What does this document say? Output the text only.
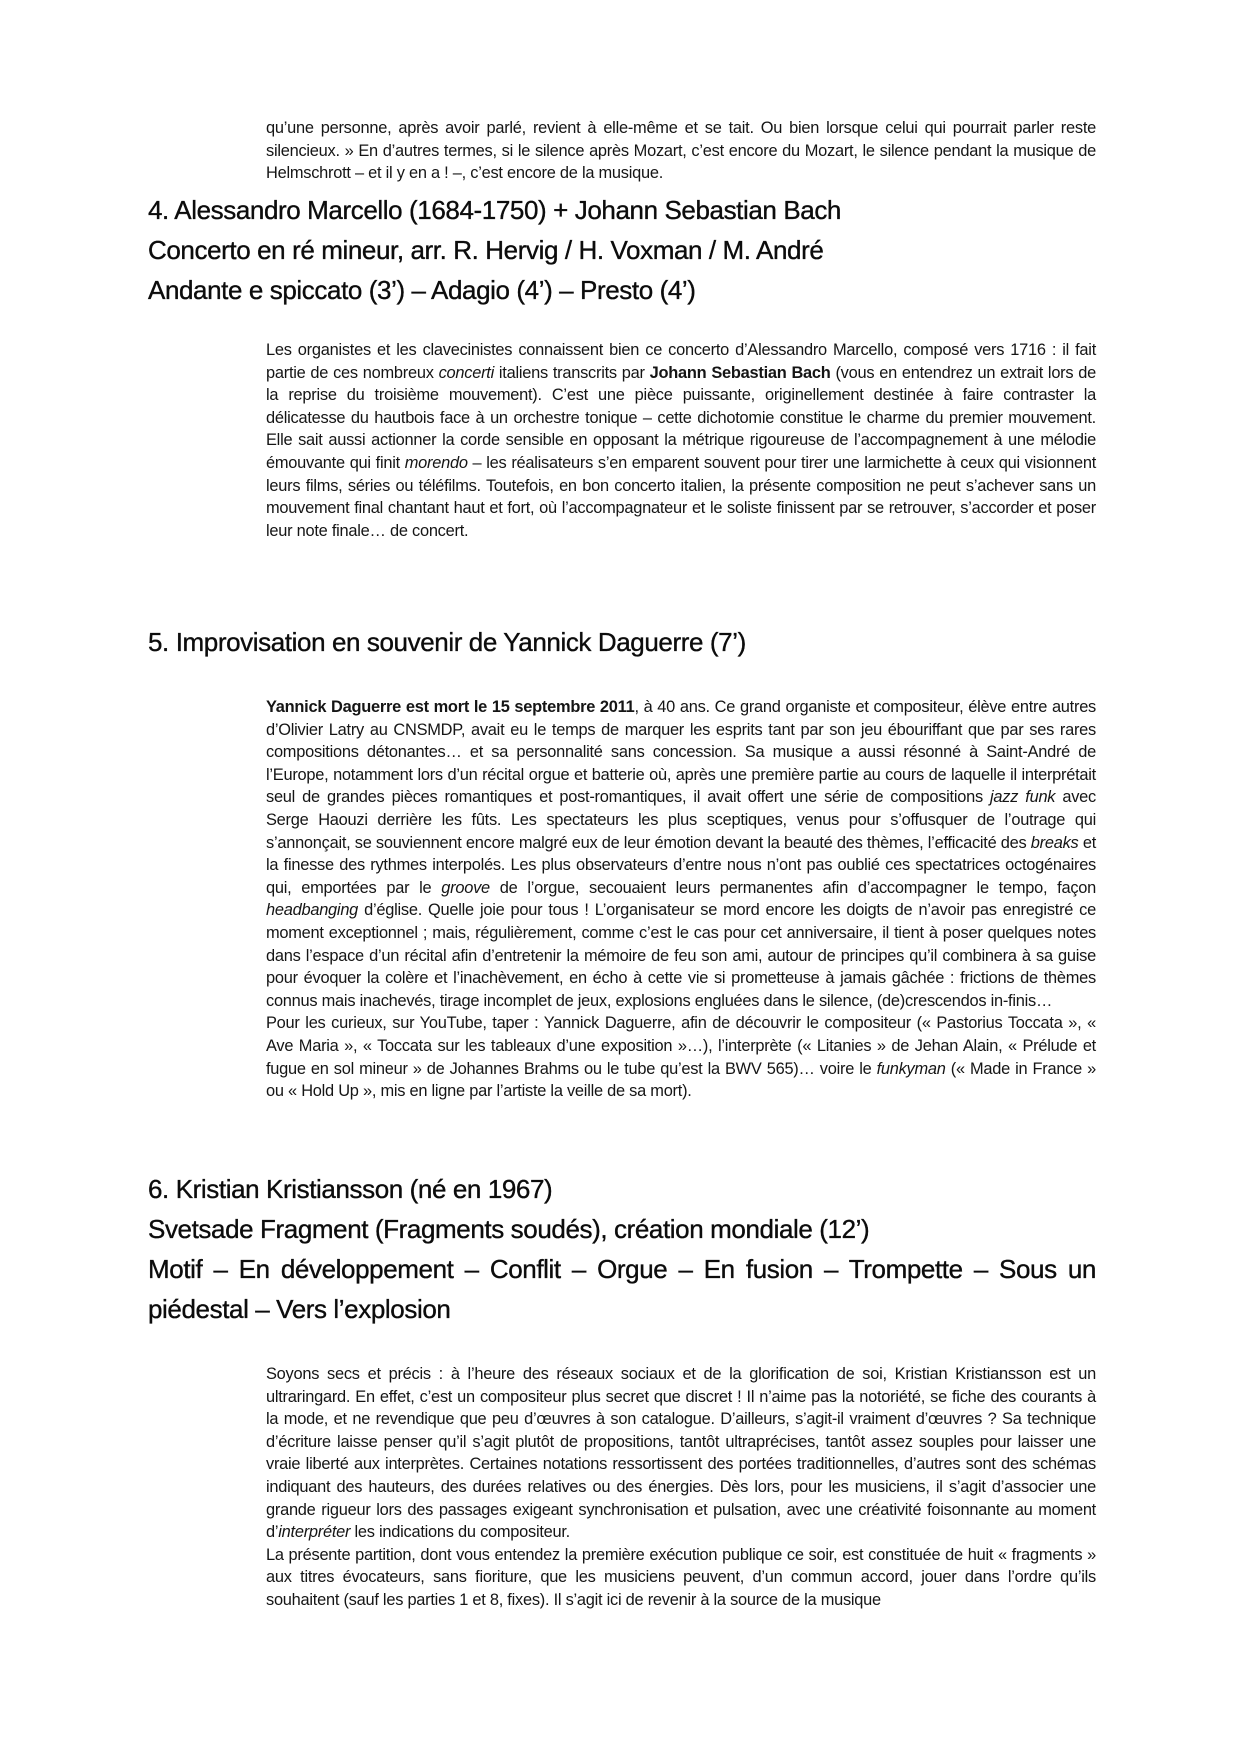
qu’une personne, après avoir parlé, revient à elle-même et se tait. Ou bien lorsque celui qui pourrait parler reste silencieux. » En d’autres termes, si le silence après Mozart, c’est encore du Mozart, le silence pendant la musique de Helmschrott – et il y en a ! –, c’est encore de la musique.

4. Alessandro Marcello (1684-1750) + Johann Sebastian Bach
Concerto en ré mineur, arr. R. Hervig / H. Voxman / M. André
Andante e spiccato (3’) – Adagio (4’) – Presto (4’)

Les organistes et les clavecinistes connaissent bien ce concerto d’Alessandro Marcello, composé vers 1716 : il fait partie de ces nombreux concerti italiens transcrits par Johann Sebastian Bach (vous en entendrez un extrait lors de la reprise du troisième mouvement). C’est une pièce puissante, originellement destinée à faire contraster la délicatesse du hautbois face à un orchestre tonique – cette dichotomie constitue le charme du premier mouvement. Elle sait aussi actionner la corde sensible en opposant la métrique rigoureuse de l’accompagnement à une mélodie émouvante qui finit morendo – les réalisateurs s’en emparent souvent pour tirer une larmichette à ceux qui visionnent leurs films, séries ou téléfilms. Toutefois, en bon concerto italien, la présente composition ne peut s’achever sans un mouvement final chantant haut et fort, où l’accompagnateur et le soliste finissent par se retrouver, s’accorder et poser leur note finale… de concert.

5. Improvisation en souvenir de Yannick Daguerre (7’)

Yannick Daguerre est mort le 15 septembre 2011, à 40 ans. Ce grand organiste et compositeur, élève entre autres d’Olivier Latry au CNSMDP, avait eu le temps de marquer les esprits tant par son jeu ébouriffant que par ses rares compositions détonantes… et sa personnalité sans concession. Sa musique a aussi résonné à Saint-André de l’Europe, notamment lors d’un récital orgue et batterie où, après une première partie au cours de laquelle il interprétait seul de grandes pièces romantiques et post-romantiques, il avait offert une série de compositions jazz funk avec Serge Haouzi derrière les fûts. Les spectateurs les plus sceptiques, venus pour s’offusquer de l’outrage qui s’annonçait, se souviennent encore malgré eux de leur émotion devant la beauté des thèmes, l’efficacité des breaks et la finesse des rythmes interpolés. Les plus observateurs d’entre nous n’ont pas oublié ces spectatrices octogénaires qui, emportées par le groove de l’orgue, secouaient leurs permanentes afin d’accompagner le tempo, façon headbanging d’église. Quelle joie pour tous ! L’organisateur se mord encore les doigts de n’avoir pas enregistré ce moment exceptionnel ; mais, régulièrement, comme c’est le cas pour cet anniversaire, il tient à poser quelques notes dans l’espace d’un récital afin d’entretenir la mémoire de feu son ami, autour de principes qu’il combinera à sa guise pour évoquer la colère et l’inachèvement, en écho à cette vie si prometteuse à jamais gâchée : frictions de thèmes connus mais inachevés, tirage incomplet de jeux, explosions engluées dans le silence, (de)crescendos in-finis…

Pour les curieux, sur YouTube, taper : Yannick Daguerre, afin de découvrir le compositeur (« Pastorius Toccata », « Ave Maria », « Toccata sur les tableaux d’une exposition »…), l’interprète (« Litanies » de Jehan Alain, « Prélude et fugue en sol mineur » de Johannes Brahms ou le tube qu’est la BWV 565)… voire le funkyman (« Made in France » ou « Hold Up », mis en ligne par l’artiste la veille de sa mort).

6. Kristian Kristiansson (né en 1967)
Svetsade Fragment (Fragments soudés), création mondiale (12’)
Motif – En développement – Conflit – Orgue – En fusion – Trompette – Sous un piédestal – Vers l’explosion

Soyons secs et précis : à l’heure des réseaux sociaux et de la glorification de soi, Kristian Kristiansson est un ultraringard. En effet, c’est un compositeur plus secret que discret ! Il n’aime pas la notoriété, se fiche des courants à la mode, et ne revendique que peu d’œuvres à son catalogue. D’ailleurs, s’agit-il vraiment d’œuvres ? Sa technique d’écriture laisse penser qu’il s’agit plutôt de propositions, tantôt ultraprécises, tantôt assez souples pour laisser une vraie liberté aux interprètes. Certaines notations ressortissent des portées traditionnelles, d’autres sont des schémas indiquant des hauteurs, des durées relatives ou des énergies. Dès lors, pour les musiciens, il s’agit d’associer une grande rigueur lors des passages exigeant synchronisation et pulsation, avec une créativité foisonnante au moment d’interpréter les indications du compositeur.

La présente partition, dont vous entendez la première exécution publique ce soir, est constituée de huit « fragments » aux titres évocateurs, sans fioriture, que les musiciens peuvent, d’un commun accord, jouer dans l’ordre qu’ils souhaitent (sauf les parties 1 et 8, fixes). Il s’agit ici de revenir à la source de la musique
